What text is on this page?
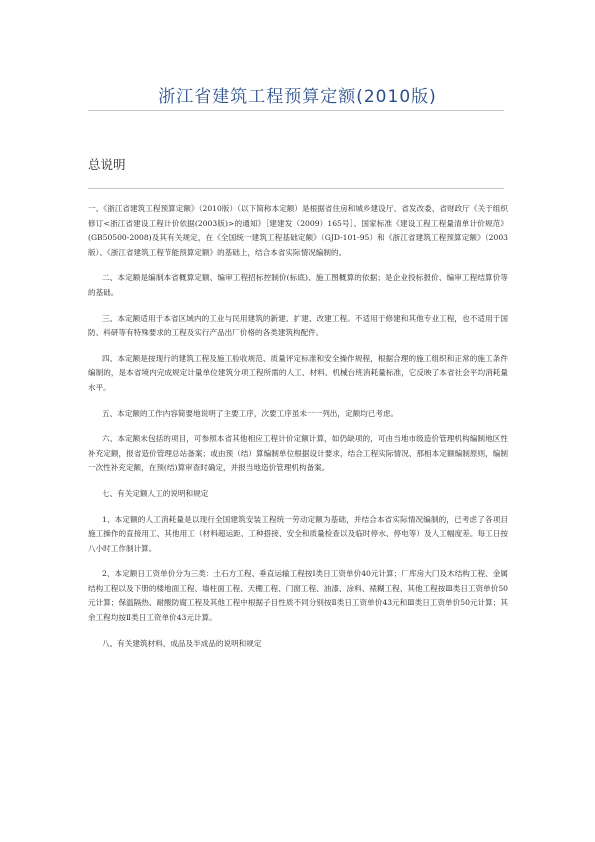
浙江省建筑工程预算定额(2010版)
总说明

一、《浙江省建筑工程预算定额》（2010版）（以下简称本定额）是根据省住房和城乡建设厅、省发改委、省财政厅《关于组织修订<浙江省建设工程计价依据(2003版)>的通知》［建建发（2009）165号］、国家标准《建设工程工程量清单计价规范》(GB50500-2008)及其有关规定，在《全国统一建筑工程基础定额》（GJD-101-95）和《浙江省建筑工程预算定额》（2003版）、《浙江省建筑工程节能预算定额》的基础上，结合本省实际情况编制的。

二、本定额是编制本省概算定额、编审工程招标控制价(标底)、施工图概算的依据；是企业投标报价、编审工程结算价等的基础。

三、本定额适用于本省区域内的工业与民用建筑的新建、扩建、改建工程。不适用于修建和其他专业工程，也不适用于国防、科研等有特殊要求的工程及实行产品出厂价格的各类建筑构配件。

四、本定额是按现行的建筑工程及施工验收规范、质量评定标准和安全操作规程，根据合理的施工组织和正常的施工条件编制的，是本省境内完成规定计量单位建筑分项工程所需的人工、材料、机械台班消耗量标准，它反映了本省社会平均消耗量水平。

五、本定额的工作内容简要地说明了主要工序，次要工序虽未一一列出，定额均已考虑。

六、本定额未包括的项目，可参照本省其他相应工程计价定额计算，如仍缺项的，可由当地市级造价管理机构编制地区性补充定额，报省造价管理总站备案；或由预（结）算编制单位根据设计要求，结合工程实际情况、那相本定额编制原则，编制一次性补充定额，在预(结)算审查时确定，并报当地造价管理机构备案。

七、有关定额人工的说明和规定

1、本定额的人工消耗量是以现行全国建筑安装工程统一劳动定额为基础，并结合本省实际情况编制的，已考虑了各项目施工操作的直接用工、其他用工（材料超运距、工种搭接、安全和质量检查以及临时停水、停电等）及人工幅度差。每工日按八小时工作制计算。

2、本定额日工资单价分为三类：土石方工程、垂直运输工程按Ⅰ类日工资单价40元计算；厂库房大门及木结构工程、金属结构工程以及下册的楼地面工程、墙柱面工程、天棚工程、门窗工程、油漆、涂料、裱糊工程、其他工程按Ⅲ类日工资单价50元计算；保温隔热、耐酸防腐工程及其他工程中根据子目性质不同分别按Ⅱ类日工资单价43元和Ⅲ类日工资单价50元计算；其余工程均按Ⅱ类日工资单价43元计算。

八、有关建筑材料、成品及半成品的说明和规定
